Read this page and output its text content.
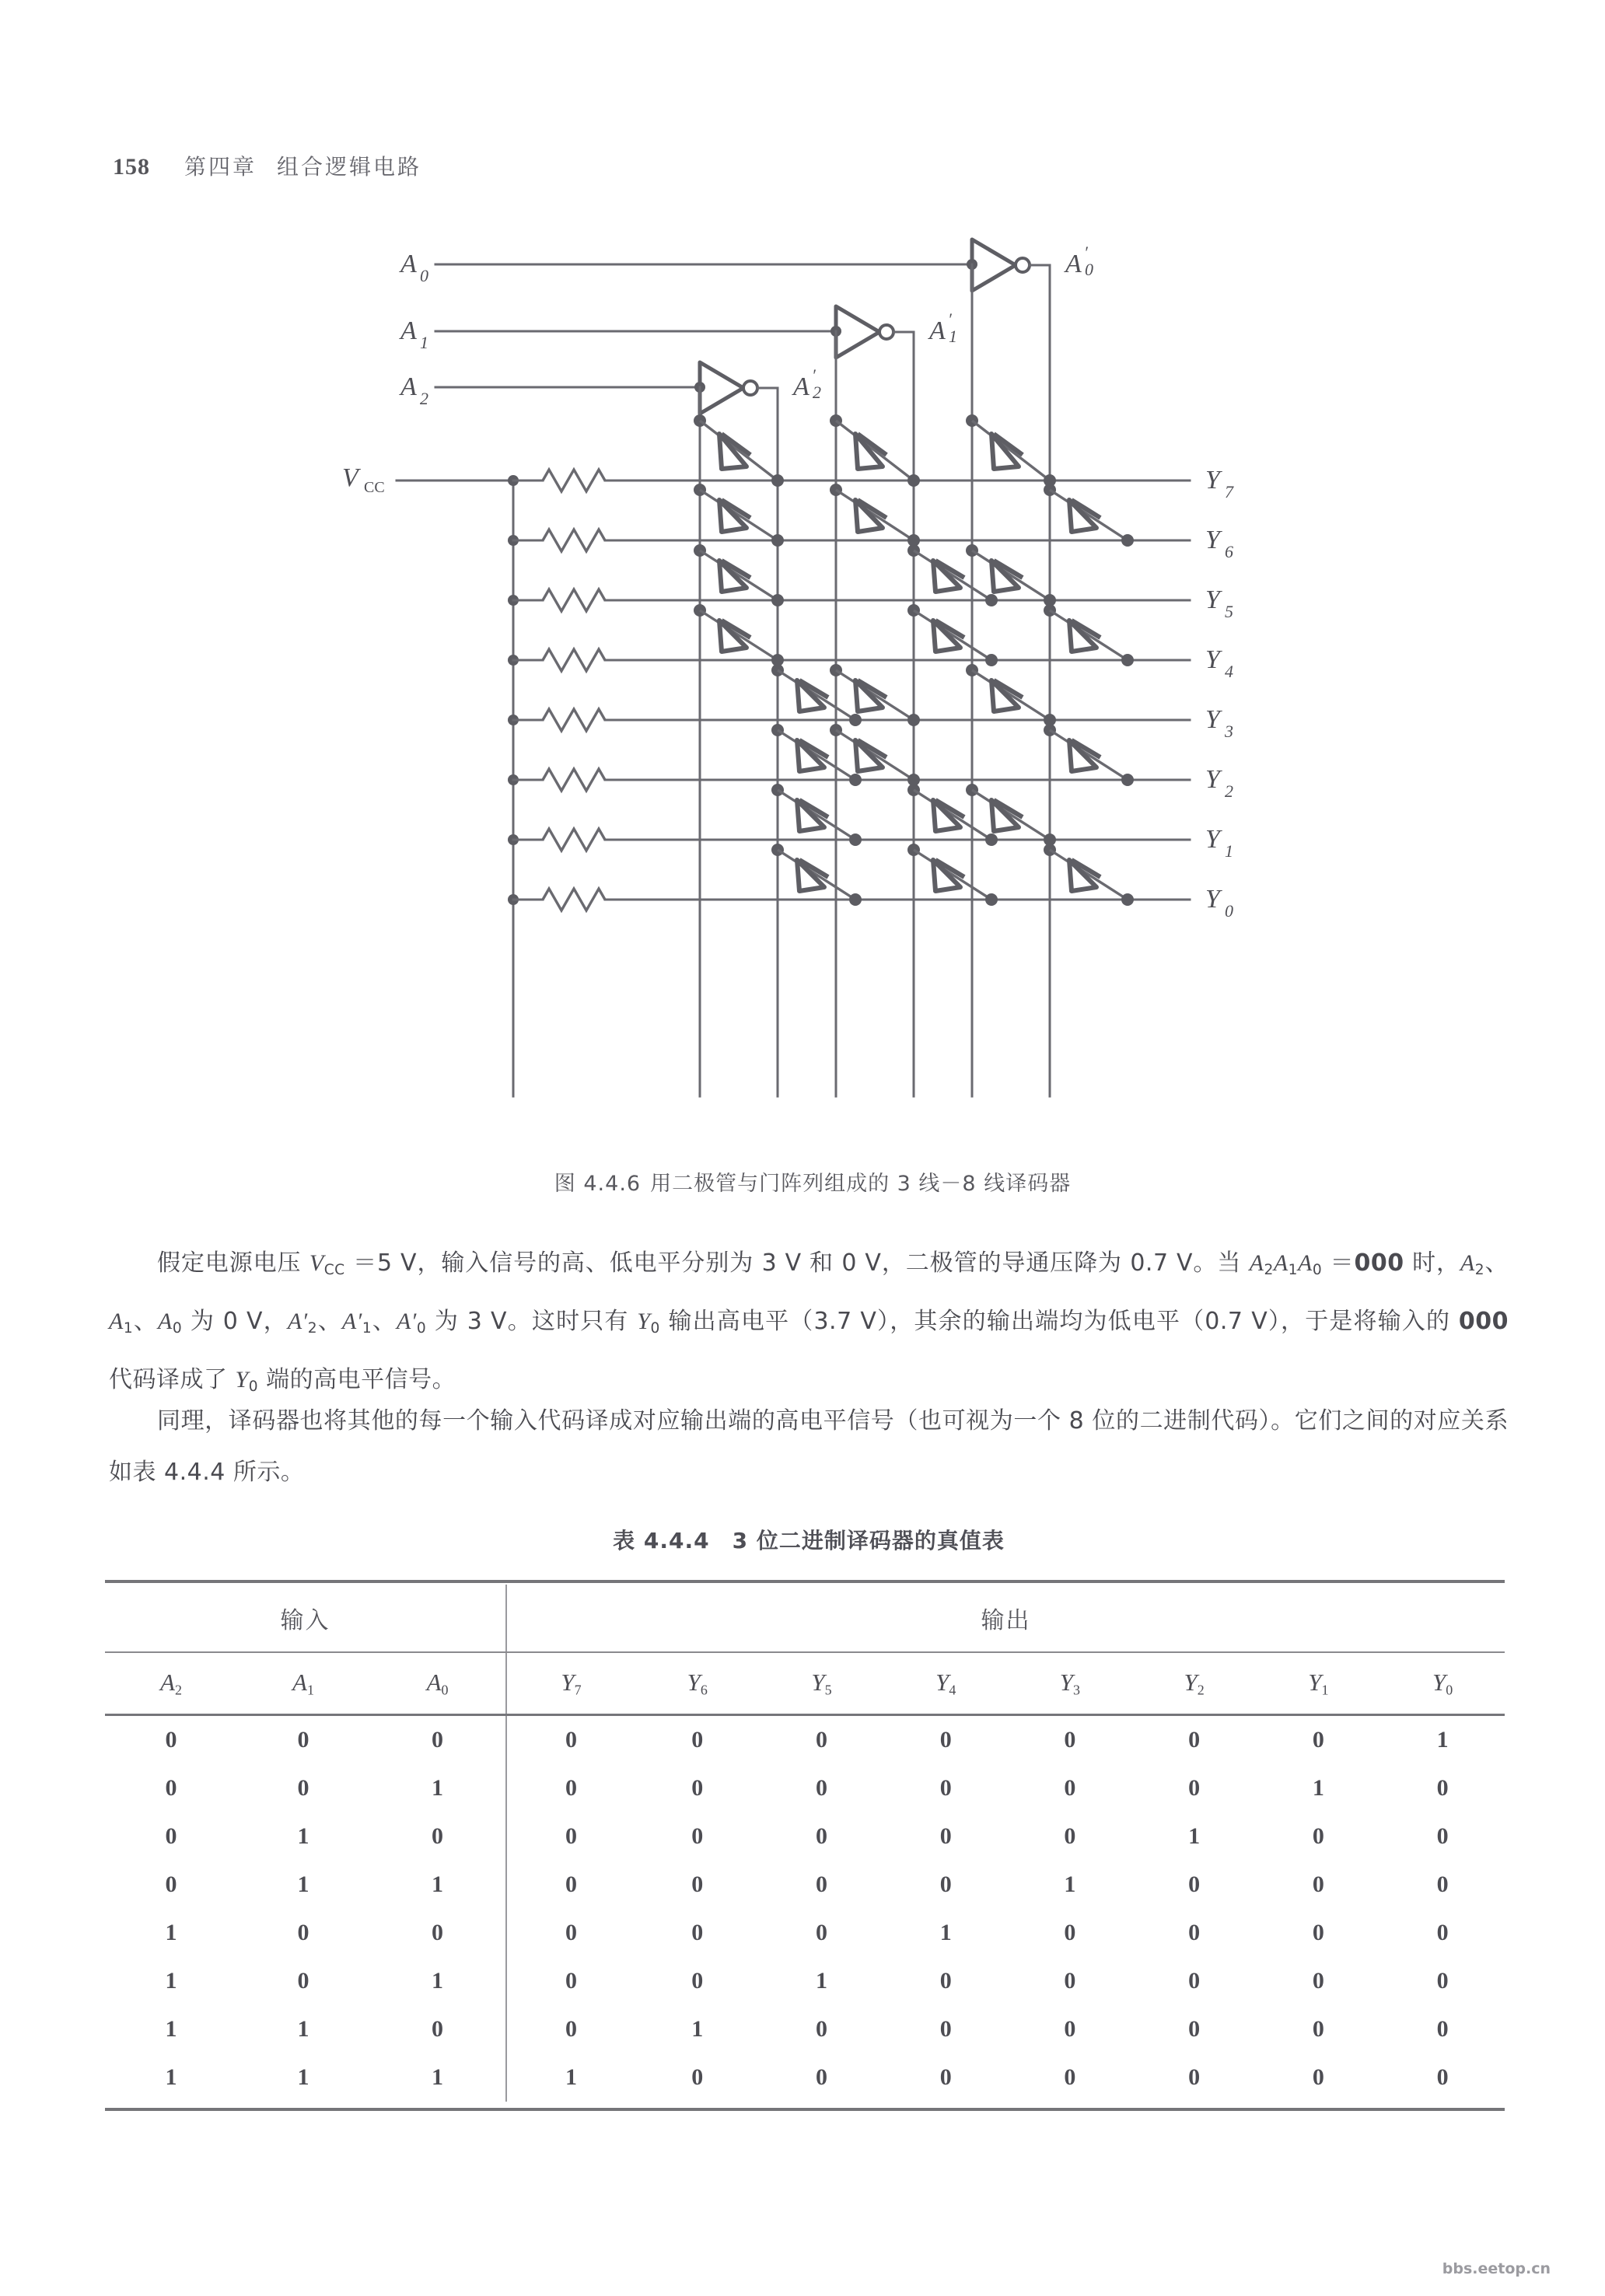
158 第四章 组合逻辑电路
A 0
A 1
A 2	A 2
′
A 1
′
A 0
′
V CC	Y 7
Y 6
Y 5
Y 4
Y 3
Y 2
Y 1
Y 0
图 4.4.6 用二极管与门阵列组成的 3 线－8 线译码器
假定电源电压 $V_{CC} =5$ V，输入信号的高、低电平分别为 3 V 和 0 V，二极管的导通压降为 0.7 V。当 $A_2A_1A_0 =000$ 时，$A_2$、$A_1$、$A_0$ 为 0 V，$A'_2$、$A'_1$、$A'_0$ 为 3 V。这时只有 $Y_0$ 输出高电平（3.7 V），其余的输出端均为低电平（0.7 V），于是将输入的 000 代码译成了 $Y_0$ 端的高电平信号。
同理，译码器也将其他的每一个输入代码译成对应输出端的高电平信号（也可视为一个 8 位的二进制代码）。它们之间的对应关系如表 4.4.4 所示。
表 4.4.4　3 位二进制译码器的真值表

输入			输出							
$A_2$	$A_1$	$A_0$	$Y_7$	$Y_6$	$Y_5$	$Y_4$	$Y_3$	$Y_2$	$Y_1$	$Y_0$
0	0	0	0	0	0	0	0	0	0	1
0	0	1	0	0	0	0	0	0	1	0
0	1	0	0	0	0	0	0	1	0	0
0	1	1	0	0	0	0	1	0	0	0
1	0	0	0	0	0	1	0	0	0	0
1	0	1	0	0	1	0	0	0	0	0
1	1	0	0	1	0	0	0	0	0	0
1	1	1	1	0	0	0	0	0	0	0

bbs.eetop.cn
